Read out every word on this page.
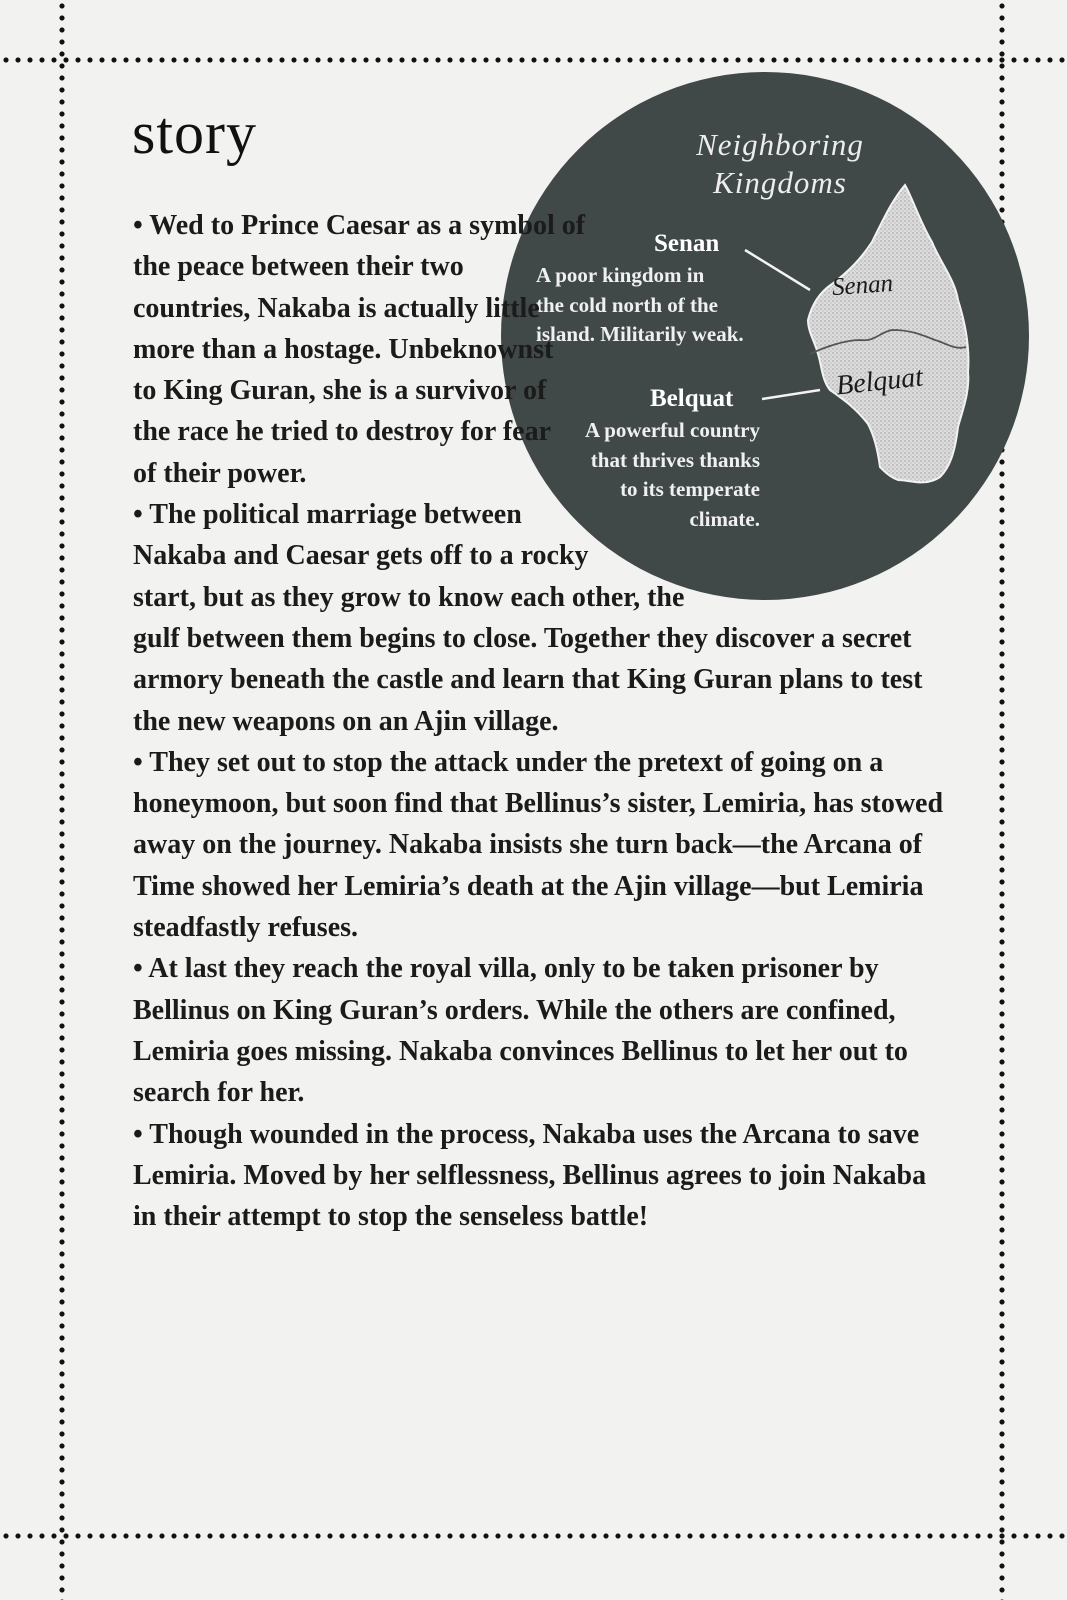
Neighboring
Kingdoms
Senan
A poor kingdom in
the cold north of the
island. Militarily weak.
Belquat
A powerful country
that thrives thanks
to its temperate
climate.
Senan
Belquat
story

• Wed to Prince Caesar as a symbol of the peace between their two countries, Nakaba is actually little more than a hostage. Unbeknownst to King Guran, she is a survivor of the race he tried to destroy for fear of their power.

• The political marriage between Nakaba and Caesar gets off to a rocky start, but as they grow to know each other, the gulf between them begins to close. Together they discover a secret armory beneath the castle and learn that King Guran plans to test the new weapons on an Ajin village.

• They set out to stop the attack under the pretext of going on a honeymoon, but soon find that Bellinus’s sister, Lemiria, has stowed away on the journey. Nakaba insists she turn back—the Arcana of Time showed her Lemiria’s death at the Ajin village—but Lemiria steadfastly refuses.

• At last they reach the royal villa, only to be taken prisoner by Bellinus on King Guran’s orders. While the others are confined, Lemiria goes missing. Nakaba convinces Bellinus to let her out to search for her.

• Though wounded in the process, Nakaba uses the Arcana to save Lemiria. Moved by her selflessness, Bellinus agrees to join Nakaba in their attempt to stop the senseless battle!
